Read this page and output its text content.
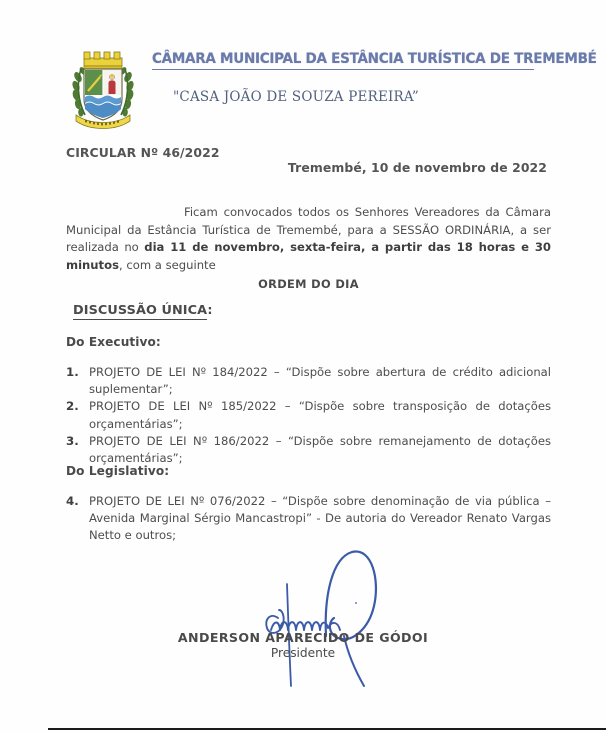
CÂMARA MUNICIPAL DA ESTÂNCIA TURÍSTICA DE TREMEMBÉ
"CASA JOÃO DE SOUZA PEREIRA”
CIRCULAR Nº 46/2022
Tremembé, 10 de novembro de 2022
Ficam convocados todos os Senhores Vereadores da Câmara Municipal da Estância Turística de Tremembé, para a SESSÃO ORDINÁRIA, a ser realizada no dia 11 de novembro, sexta-feira, a partir das 18 horas e 30 minutos, com a seguinte
ORDEM DO DIA
DISCUSSÃO ÚNICA:
Do Executivo:
1. PROJETO DE LEI Nº 184/2022 – “Dispõe sobre abertura de crédito adicional suplementar”;
2. PROJETO DE LEI Nº 185/2022 – “Dispõe sobre transposição de dotações orçamentárias”;
3. PROJETO DE LEI Nº 186/2022 – “Dispõe sobre remanejamento de dotações orçamentárias”;
Do Legislativo:
4. PROJETO DE LEI Nº 076/2022 – “Dispõe sobre denominação de via pública – Avenida Marginal Sérgio Mancastropi” - De autoria do Vereador Renato Vargas Netto e outros;
ANDERSON APARECIDO DE GÓDOI
Presidente
